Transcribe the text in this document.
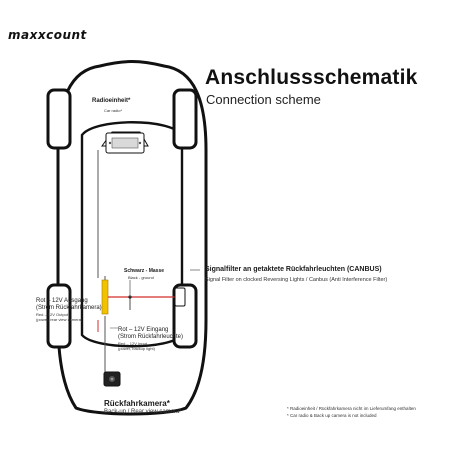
maxxcount
Anschlussschematik
Connection scheme
Radioeinheit*
Car radio*
Schwarz - Masse
Black - ground
Signalfilter an getaktete Rückfahrleuchten (CANBUS)
Signal Filter on clocked Reversing Lights / Canbus (Anti Interference Filter)
Rot – 12V Ausgang
(Strom Rückfahrkamera)
Red – 12V Output
(power, rear view camera)
Rot – 12V Eingang
(Strom Rückfahrleuchte)
Red – 12V Input
(power, backup light)
Rückfahrkamera*
Back-up / Rear view camera*
* Radioeinheit / Rückfahrkamera nicht im Lieferumfang enthalten
* Car radio & Back up camera is not included
